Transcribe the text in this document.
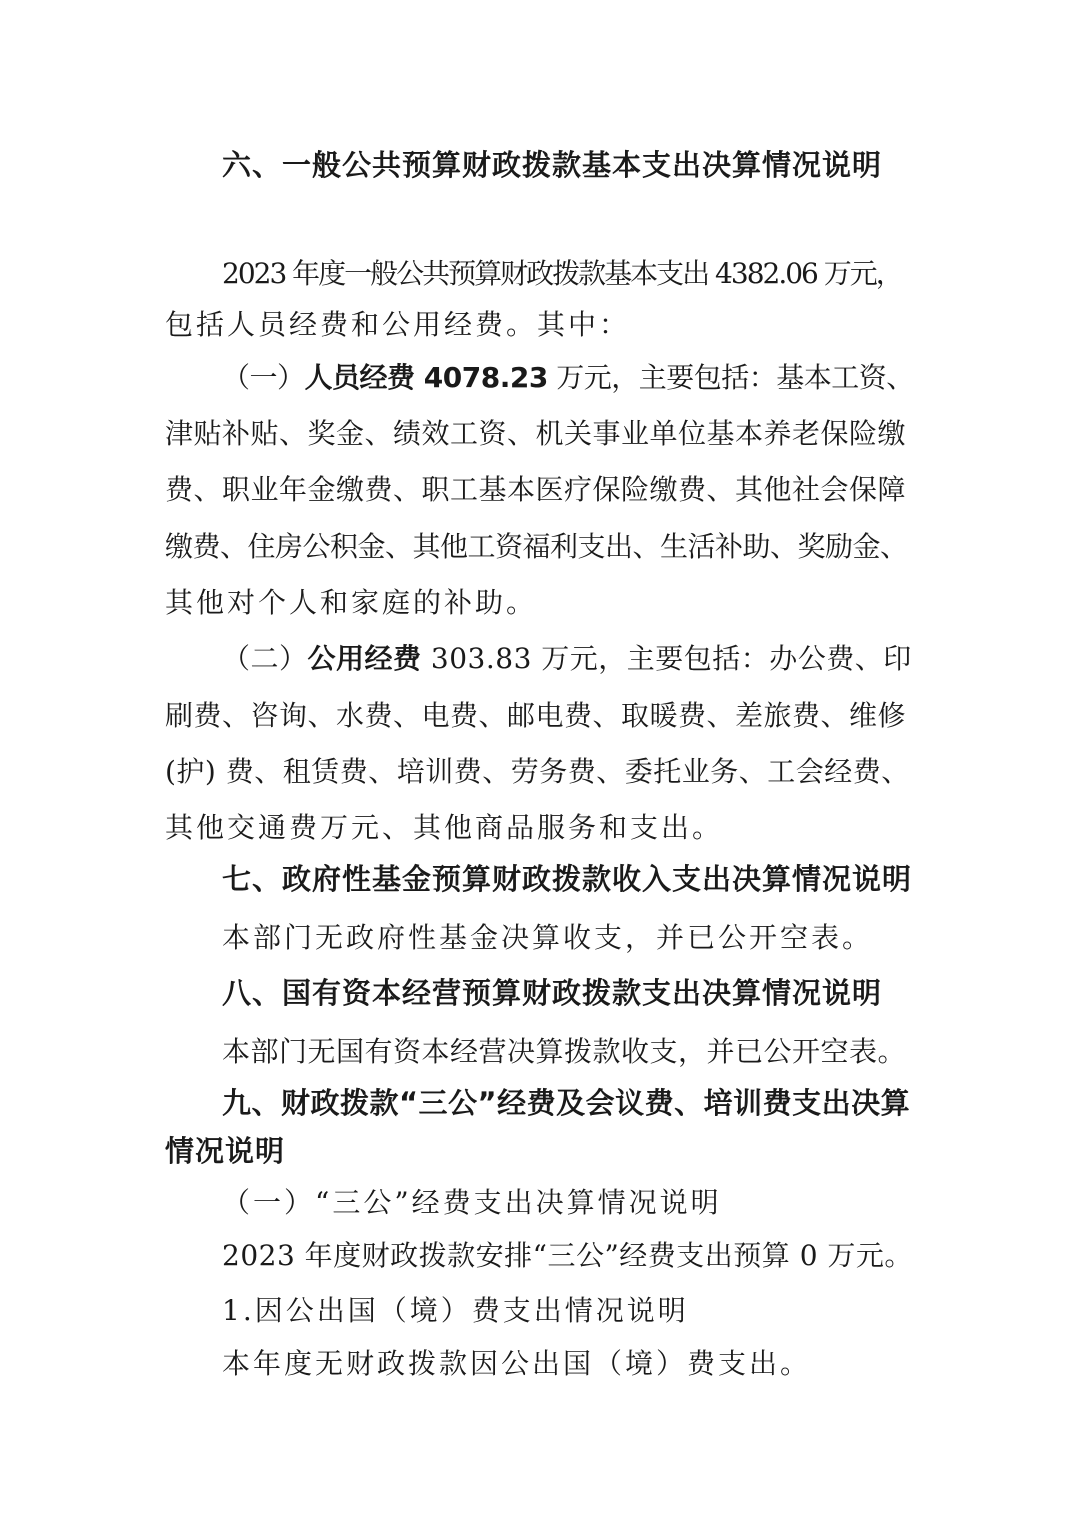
六、一般公共预算财政拨款基本支出决算情况说明
2023 年度一般公共预算财政拨款基本支出 4382.06 万元，
包括人员经费和公用经费。其中：
（一）人员经费 4078.23 万元，主要包括：基本工资、
津贴补贴、奖金、绩效工资、机关事业单位基本养老保险缴
费、职业年金缴费、职工基本医疗保险缴费、其他社会保障
缴费、住房公积金、其他工资福利支出、生活补助、奖励金、
其他对个人和家庭的补助。
（二）公用经费 303.83 万元，主要包括：办公费、印
刷费、咨询、水费、电费、邮电费、取暖费、差旅费、维修
(护) 费、租赁费、培训费、劳务费、委托业务、工会经费、
其他交通费万元、其他商品服务和支出。
七、政府性基金预算财政拨款收入支出决算情况说明
本部门无政府性基金决算收支，并已公开空表。
八、国有资本经营预算财政拨款支出决算情况说明
本部门无国有资本经营决算拨款收支，并已公开空表。
九、财政拨款“三公”经费及会议费、培训费支出决算
情况说明
（一）“三公”经费支出决算情况说明
2023 年度财政拨款安排“三公”经费支出预算 0 万元。
1.因公出国（境）费支出情况说明
本年度无财政拨款因公出国（境）费支出。
